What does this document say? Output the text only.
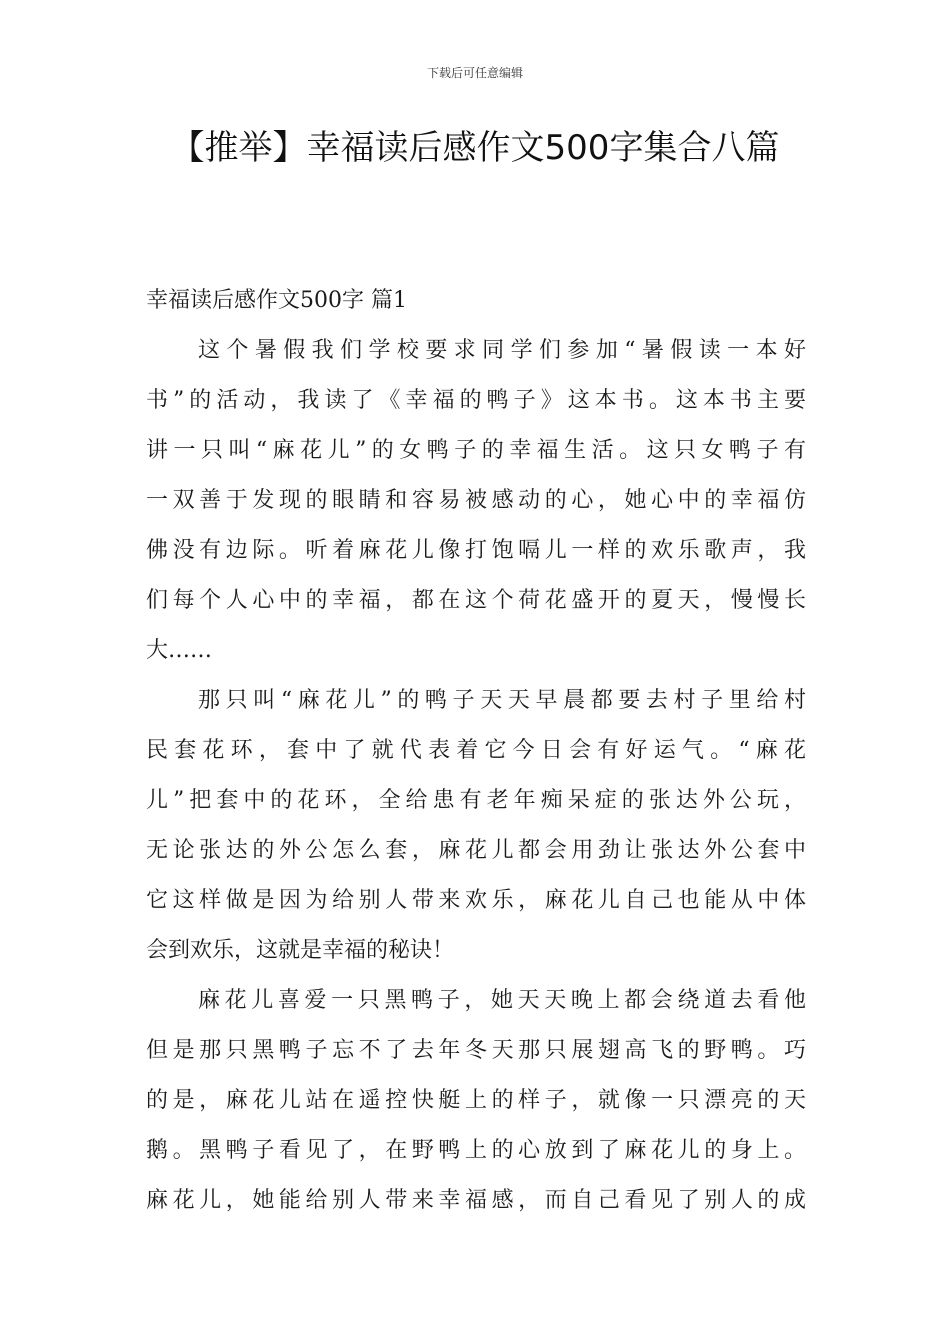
下载后可任意编辑
【推举】幸福读后感作文500字集合八篇

幸福读后感作文500字 篇1

这个暑假我们学校要求同学们参加“暑假读一本好

书”的活动，我读了《幸福的鸭子》这本书。这本书主要

讲一只叫“麻花儿”的女鸭子的幸福生活。这只女鸭子有

一双善于发现的眼睛和容易被感动的心，她心中的幸福仿

佛没有边际。听着麻花儿像打饱嗝儿一样的欢乐歌声，我

们每个人心中的幸福，都在这个荷花盛开的夏天，慢慢长

大……

那只叫“麻花儿”的鸭子天天早晨都要去村子里给村

民套花环，套中了就代表着它今日会有好运气。“麻花

儿”把套中的花环，全给患有老年痴呆症的张达外公玩，

无论张达的外公怎么套，麻花儿都会用劲让张达外公套中

它这样做是因为给别人带来欢乐，麻花儿自己也能从中体

会到欢乐，这就是幸福的秘诀！

麻花儿喜爱一只黑鸭子，她天天晚上都会绕道去看他

但是那只黑鸭子忘不了去年冬天那只展翅高飞的野鸭。巧

的是，麻花儿站在遥控快艇上的样子，就像一只漂亮的天

鹅。黑鸭子看见了，在野鸭上的心放到了麻花儿的身上。

麻花儿，她能给别人带来幸福感，而自己看见了别人的成
